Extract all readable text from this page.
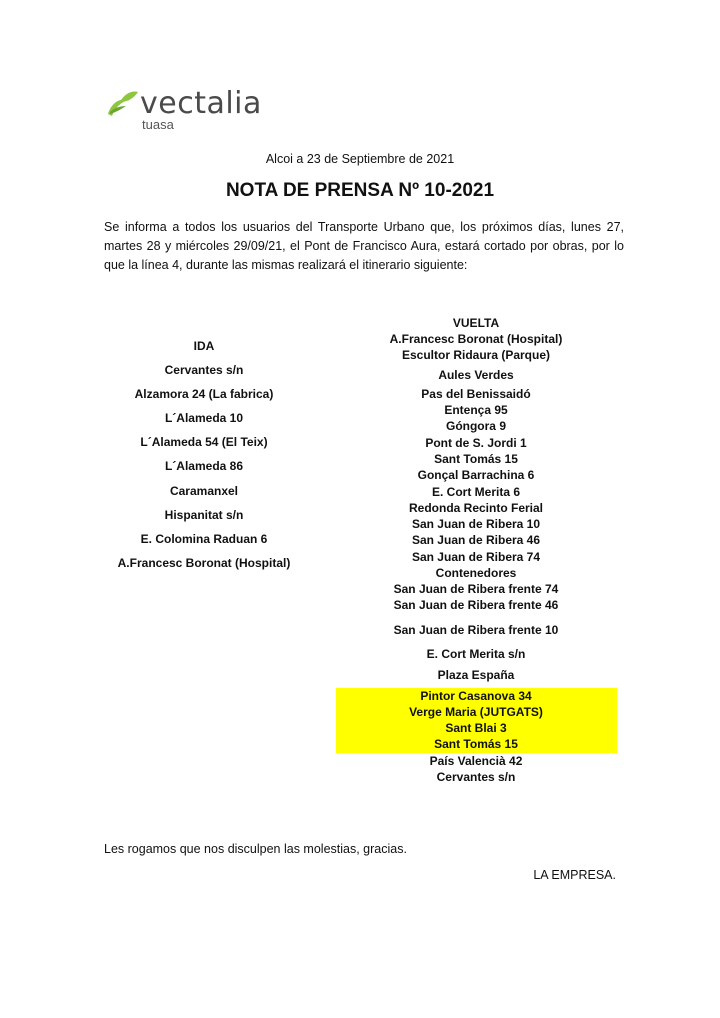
vectalia
tuasa
Alcoi a 23 de Septiembre de 2021
NOTA DE PRENSA Nº 10-2021
Se informa a todos los usuarios del Transporte Urbano que, los próximos días, lunes 27, martes 28 y miércoles 29/09/21, el Pont de Francisco Aura, estará cortado por obras, por lo que la línea 4, durante las mismas realizará el itinerario siguiente:
IDA
Cervantes s/n
Alzamora 24 (La fabrica)
L´Alameda 10
L´Alameda 54 (El Teix)
L´Alameda 86
Caramanxel
Hispanitat s/n
E. Colomina Raduan 6
A.Francesc Boronat (Hospital)
VUELTA
A.Francesc Boronat (Hospital)
Escultor Ridaura (Parque)
Aules Verdes
Pas del Benissaidó
Entença 95
Góngora 9
Pont de S. Jordi 1
Sant Tomás 15
Gonçal Barrachina 6
E. Cort Merita 6
Redonda Recinto Ferial
San Juan de Ribera 10
San Juan de Ribera 46
San Juan de Ribera 74
Contenedores
San Juan de Ribera frente 74
San Juan de Ribera frente 46
San Juan de Ribera frente 10
E. Cort Merita s/n
Plaza España
Pintor Casanova 34
Verge Maria (JUTGATS)
Sant Blai 3
Sant Tomás 15
País Valencià 42
Cervantes s/n
Les rogamos que nos disculpen las molestias, gracias.
LA EMPRESA.
